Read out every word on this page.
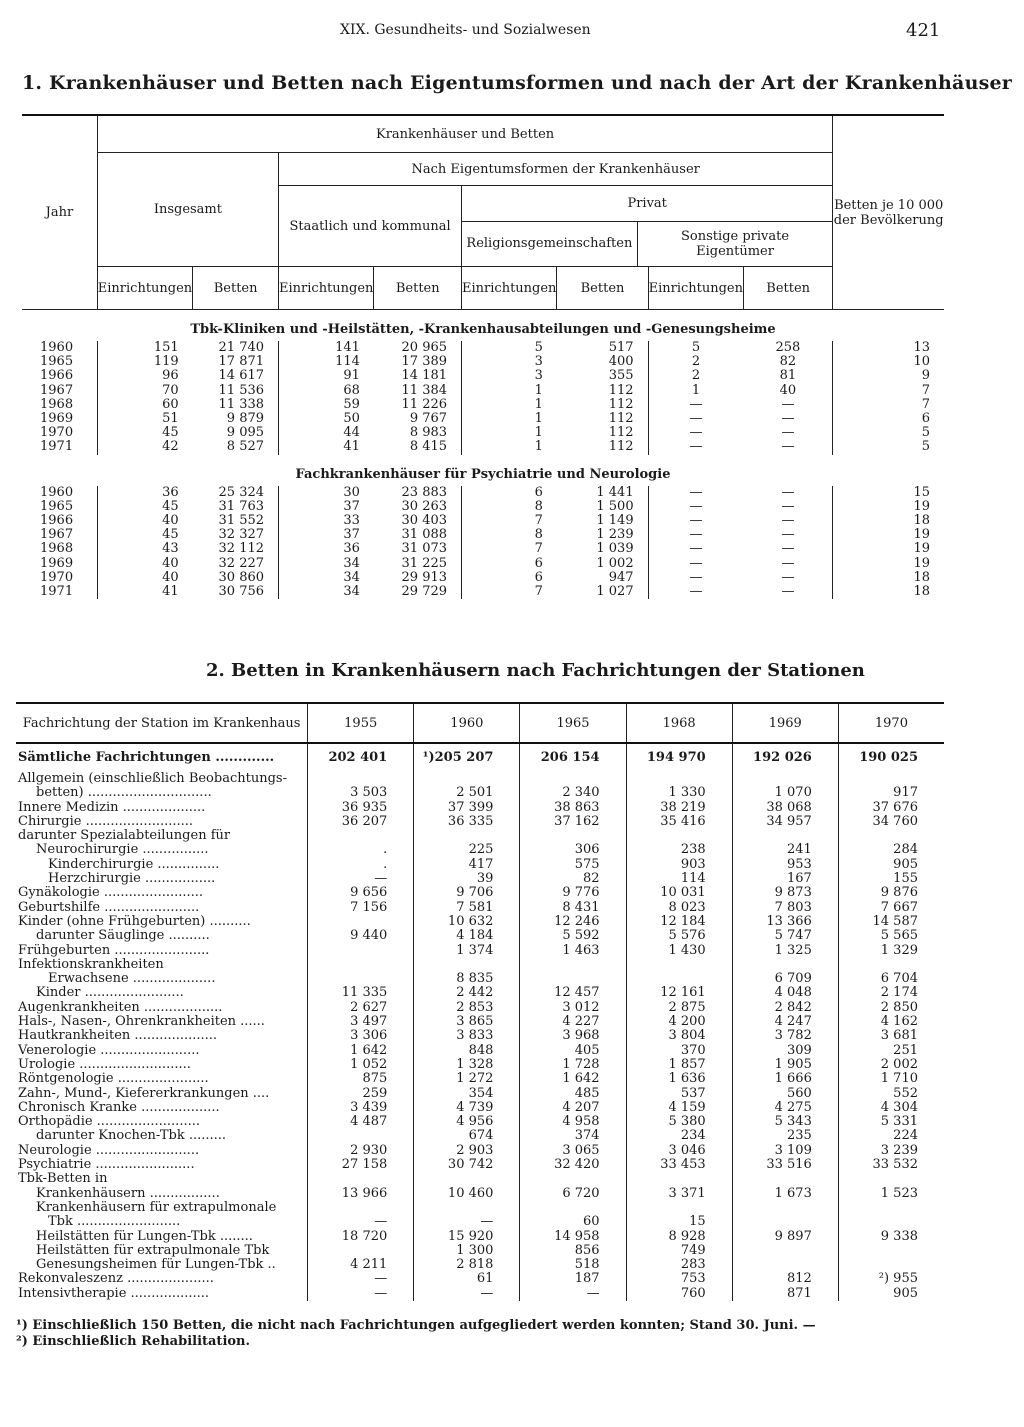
XIX. Gesundheits- und Sozialwesen	421
1. Krankenhäuser und Betten nach Eigentumsformen und nach der Art der Krankenhäuser
Jahr	Krankenhäuser und Betten								Betten je 10 000 der Bevölkerung
	Insgesamt		Nach Eigentumsformen der Krankenhäuser						
			Staatlich und kommunal		Privat
Religionsgemeinschaften Sonstige private Eigentümer				

	Einrichtungen	Betten	Einrichtungen	Betten	Einrichtungen	Betten	Einrichtungen	Betten	
Tbk-Kliniken und -Heilstätten, -Krankenhausabteilungen und -Genesungsheime									
1960	151	21 740	141	20 965	5	517	5	258	13
1965	119	17 871	114	17 389	3	400	2	82	10
1966	96	14 617	91	14 181	3	355	2	81	9
1967	70	11 536	68	11 384	1	112	1	40	7
1968	60	11 338	59	11 226	1	112	—	—	7
1969	51	9 879	50	9 767	1	112	—	—	6
1970	45	9 095	44	8 983	1	112	—	—	5
1971	42	8 527	41	8 415	1	112	—	—	5
Fachkrankenhäuser für Psychiatrie und Neurologie									
1960	36	25 324	30	23 883	6	1 441	—	—	15
1965	45	31 763	37	30 263	8	1 500	—	—	19
1966	40	31 552	33	30 403	7	1 149	—	—	18
1967	45	32 327	37	31 088	8	1 239	—	—	19
1968	43	32 112	36	31 073	7	1 039	—	—	19
1969	40	32 227	34	31 225	6	1 002	—	—	19
1970	40	30 860	34	29 913	6	947	—	—	18
1971	41	30 756	34	29 729	7	1 027	—	—	18
2. Betten in Krankenhäusern nach Fachrichtungen der Stationen
Fachrichtung der Station im Krankenhaus	1955	1960	1965	1968	1969	1970
Sämtliche Fachrichtungen .............	202 401	¹)205 207	206 154	194 970	192 026	190 025
Allgemein (einschließlich Beobachtungs-						
betten) ..............................	3 503	2 501	2 340	1 330	1 070	917
Innere Medizin ....................	36 935	37 399	38 863	38 219	38 068	37 676
Chirurgie ..........................	36 207	36 335	37 162	35 416	34 957	34 760
darunter Spezialabteilungen für						
Neurochirurgie ................	.	225	306	238	241	284
Kinderchirurgie ...............	.	417	575	903	953	905
Herzchirurgie .................	—	39	82	114	167	155
Gynäkologie ........................	9 656	9 706	9 776	10 031	9 873	9 876
Geburtshilfe .......................	7 156	7 581	8 431	8 023	7 803	7 667
Kinder (ohne Frühgeburten) ..........		10 632	12 246	12 184	13 366	14 587
darunter Säuglinge ..........	9 440	4 184	5 592	5 576	5 747	5 565
Frühgeburten .......................		1 374	1 463	1 430	1 325	1 329
Infektionskrankheiten						
Erwachsene ....................		8 835			6 709	6 704
Kinder ........................	11 335	2 442	12 457	12 161	4 048	2 174
Augenkrankheiten ...................	2 627	2 853	3 012	2 875	2 842	2 850
Hals-, Nasen-, Ohrenkrankheiten ......	3 497	3 865	4 227	4 200	4 247	4 162
Hautkrankheiten ....................	3 306	3 833	3 968	3 804	3 782	3 681
Venerologie ........................	1 642	848	405	370	309	251
Urologie ...........................	1 052	1 328	1 728	1 857	1 905	2 002
Röntgenologie ......................	875	1 272	1 642	1 636	1 666	1 710
Zahn-, Mund-, Kiefererkrankungen ....	259	354	485	537	560	552
Chronisch Kranke ...................	3 439	4 739	4 207	4 159	4 275	4 304
Orthopädie .........................	4 487	4 956	4 958	5 380	5 343	5 331
darunter Knochen-Tbk .........		674	374	234	235	224
Neurologie .........................	2 930	2 903	3 065	3 046	3 109	3 239
Psychiatrie ........................	27 158	30 742	32 420	33 453	33 516	33 532
Tbk-Betten in						
Krankenhäusern .................	13 966	10 460	6 720	3 371	1 673	1 523
Krankenhäusern für extrapulmonale						
Tbk .........................	—	—	60	15		
Heilstätten für Lungen-Tbk ........	18 720	15 920	14 958	8 928	9 897	9 338
Heilstätten für extrapulmonale Tbk		1 300	856	749		
Genesungsheimen für Lungen-Tbk ..	4 211	2 818	518	283		
Rekonvaleszenz .....................	—	61	187	753	812	²) 955
Intensivtherapie ...................	—	—	—	760	871	905
¹) Einschließlich 150 Betten, die nicht nach Fachrichtungen aufgegliedert werden konnten; Stand 30. Juni. —
²) Einschließlich Rehabilitation.
